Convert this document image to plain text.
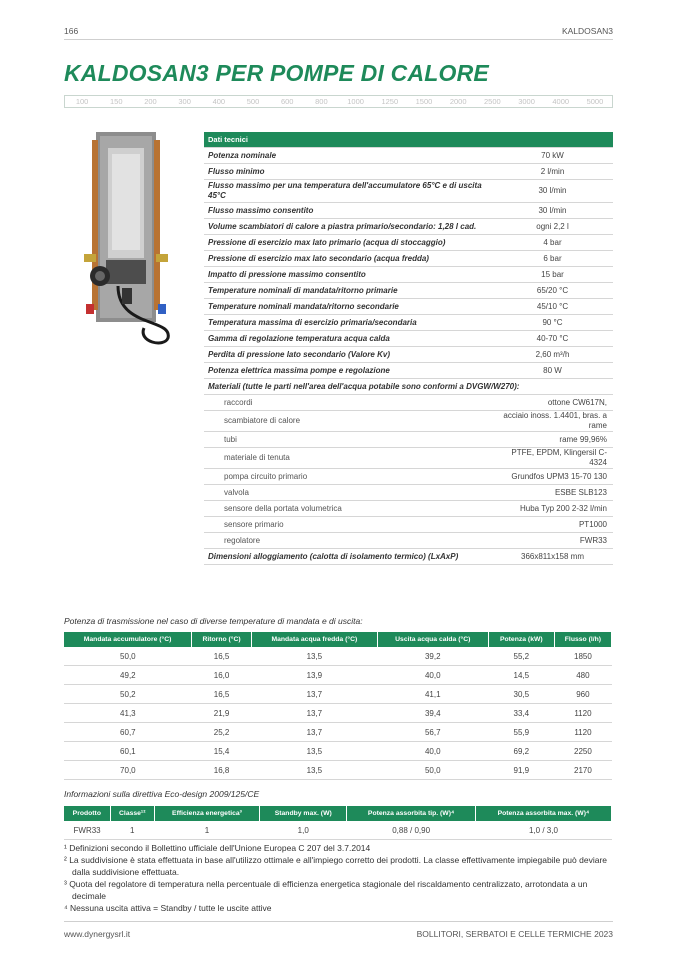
166	KALDOSAN3
KALDOSAN3 PER POMPE DI CALORE
100	150	200	300	400	500	600	800	1000	1250	1500	2000	2500	3000	4000	5000
Dati tecnici	
Potenza nominale	70 kW
Flusso minimo	2 l/min
Flusso massimo per una temperatura dell'accumulatore 65°C e di uscita 45°C	30 l/min
Flusso massimo consentito	30 l/min
Volume scambiatori di calore a piastra primario/secondario: 1,28 l cad.	ogni 2,2 l
Pressione di esercizio max lato primario (acqua di stoccaggio)	4 bar
Pressione di esercizio max lato secondario (acqua fredda)	6 bar
Impatto di pressione massimo consentito	15 bar
Temperature nominali di mandata/ritorno primarie	65/20 °C
Temperature nominali mandata/ritorno secondarie	45/10 °C
Temperatura massima di esercizio primaria/secondaria	90 °C
Gamma di regolazione temperatura acqua calda	40-70 °C
Perdita di pressione lato secondario (Valore Kv)	2,60 m³/h
Potenza elettrica massima pompe e regolazione	80 W
Materiali (tutte le parti nell'area dell'acqua potabile sono conformi a DVGW/W270):	
raccordi	ottone CW617N,
scambiatore di calore	acciaio inoss. 1.4401, bras. a rame
tubi	rame 99,96%
materiale di tenuta	PTFE, EPDM, Klingersil C-4324
pompa circuito primario	Grundfos UPM3 15-70 130
valvola	ESBE SLB123
sensore della portata volumetrica	Huba Typ 200 2-32 l/min
sensore primario	PT1000
regolatore	FWR33
Dimensioni alloggiamento (calotta di isolamento termico) (LxAxP)	366x811x158 mm
Potenza di trasmissione nel caso di diverse temperature di mandata e di uscita:
Mandata accumulatore (°C)	Ritorno (°C)	Mandata acqua fredda (°C)	Uscita acqua calda (°C)	Potenza (kW)	Flusso (l/h)
50,0	16,5	13,5	39,2	55,2	1850
49,2	16,0	13,9	40,0	14,5	480
50,2	16,5	13,7	41,1	30,5	960
41,3	21,9	13,7	39,4	33,4	1120
60,7	25,2	13,7	56,7	55,9	1120
60,1	15,4	13,5	40,0	69,2	2250
70,0	16,8	13,5	50,0	91,9	2170
Informazioni sulla direttiva Eco-design 2009/125/CE
Prodotto	Classe¹²	Efficienza energetica³	Standby max. (W)	Potenza assorbita tip. (W)⁴	Potenza assorbita max. (W)⁴
FWR33	1	1	1,0	0,88 / 0,90	1,0 / 3,0
¹ Definizioni secondo il Bollettino ufficiale dell'Unione Europea C 207 del 3.7.2014
² La suddivisione è stata effettuata in base all'utilizzo ottimale e all'impiego corretto dei prodotti. La classe effettivamente impiegabile può deviare dalla suddivisione effettuata.
³ Quota del regolatore di temperatura nella percentuale di efficienza energetica stagionale del riscaldamento centralizzato, arrotondata a un decimale
⁴ Nessuna uscita attiva = Standby / tutte le uscite attive
www.dynergysrl.it	BOLLITORI, SERBATOI E CELLE TERMICHE 2023
